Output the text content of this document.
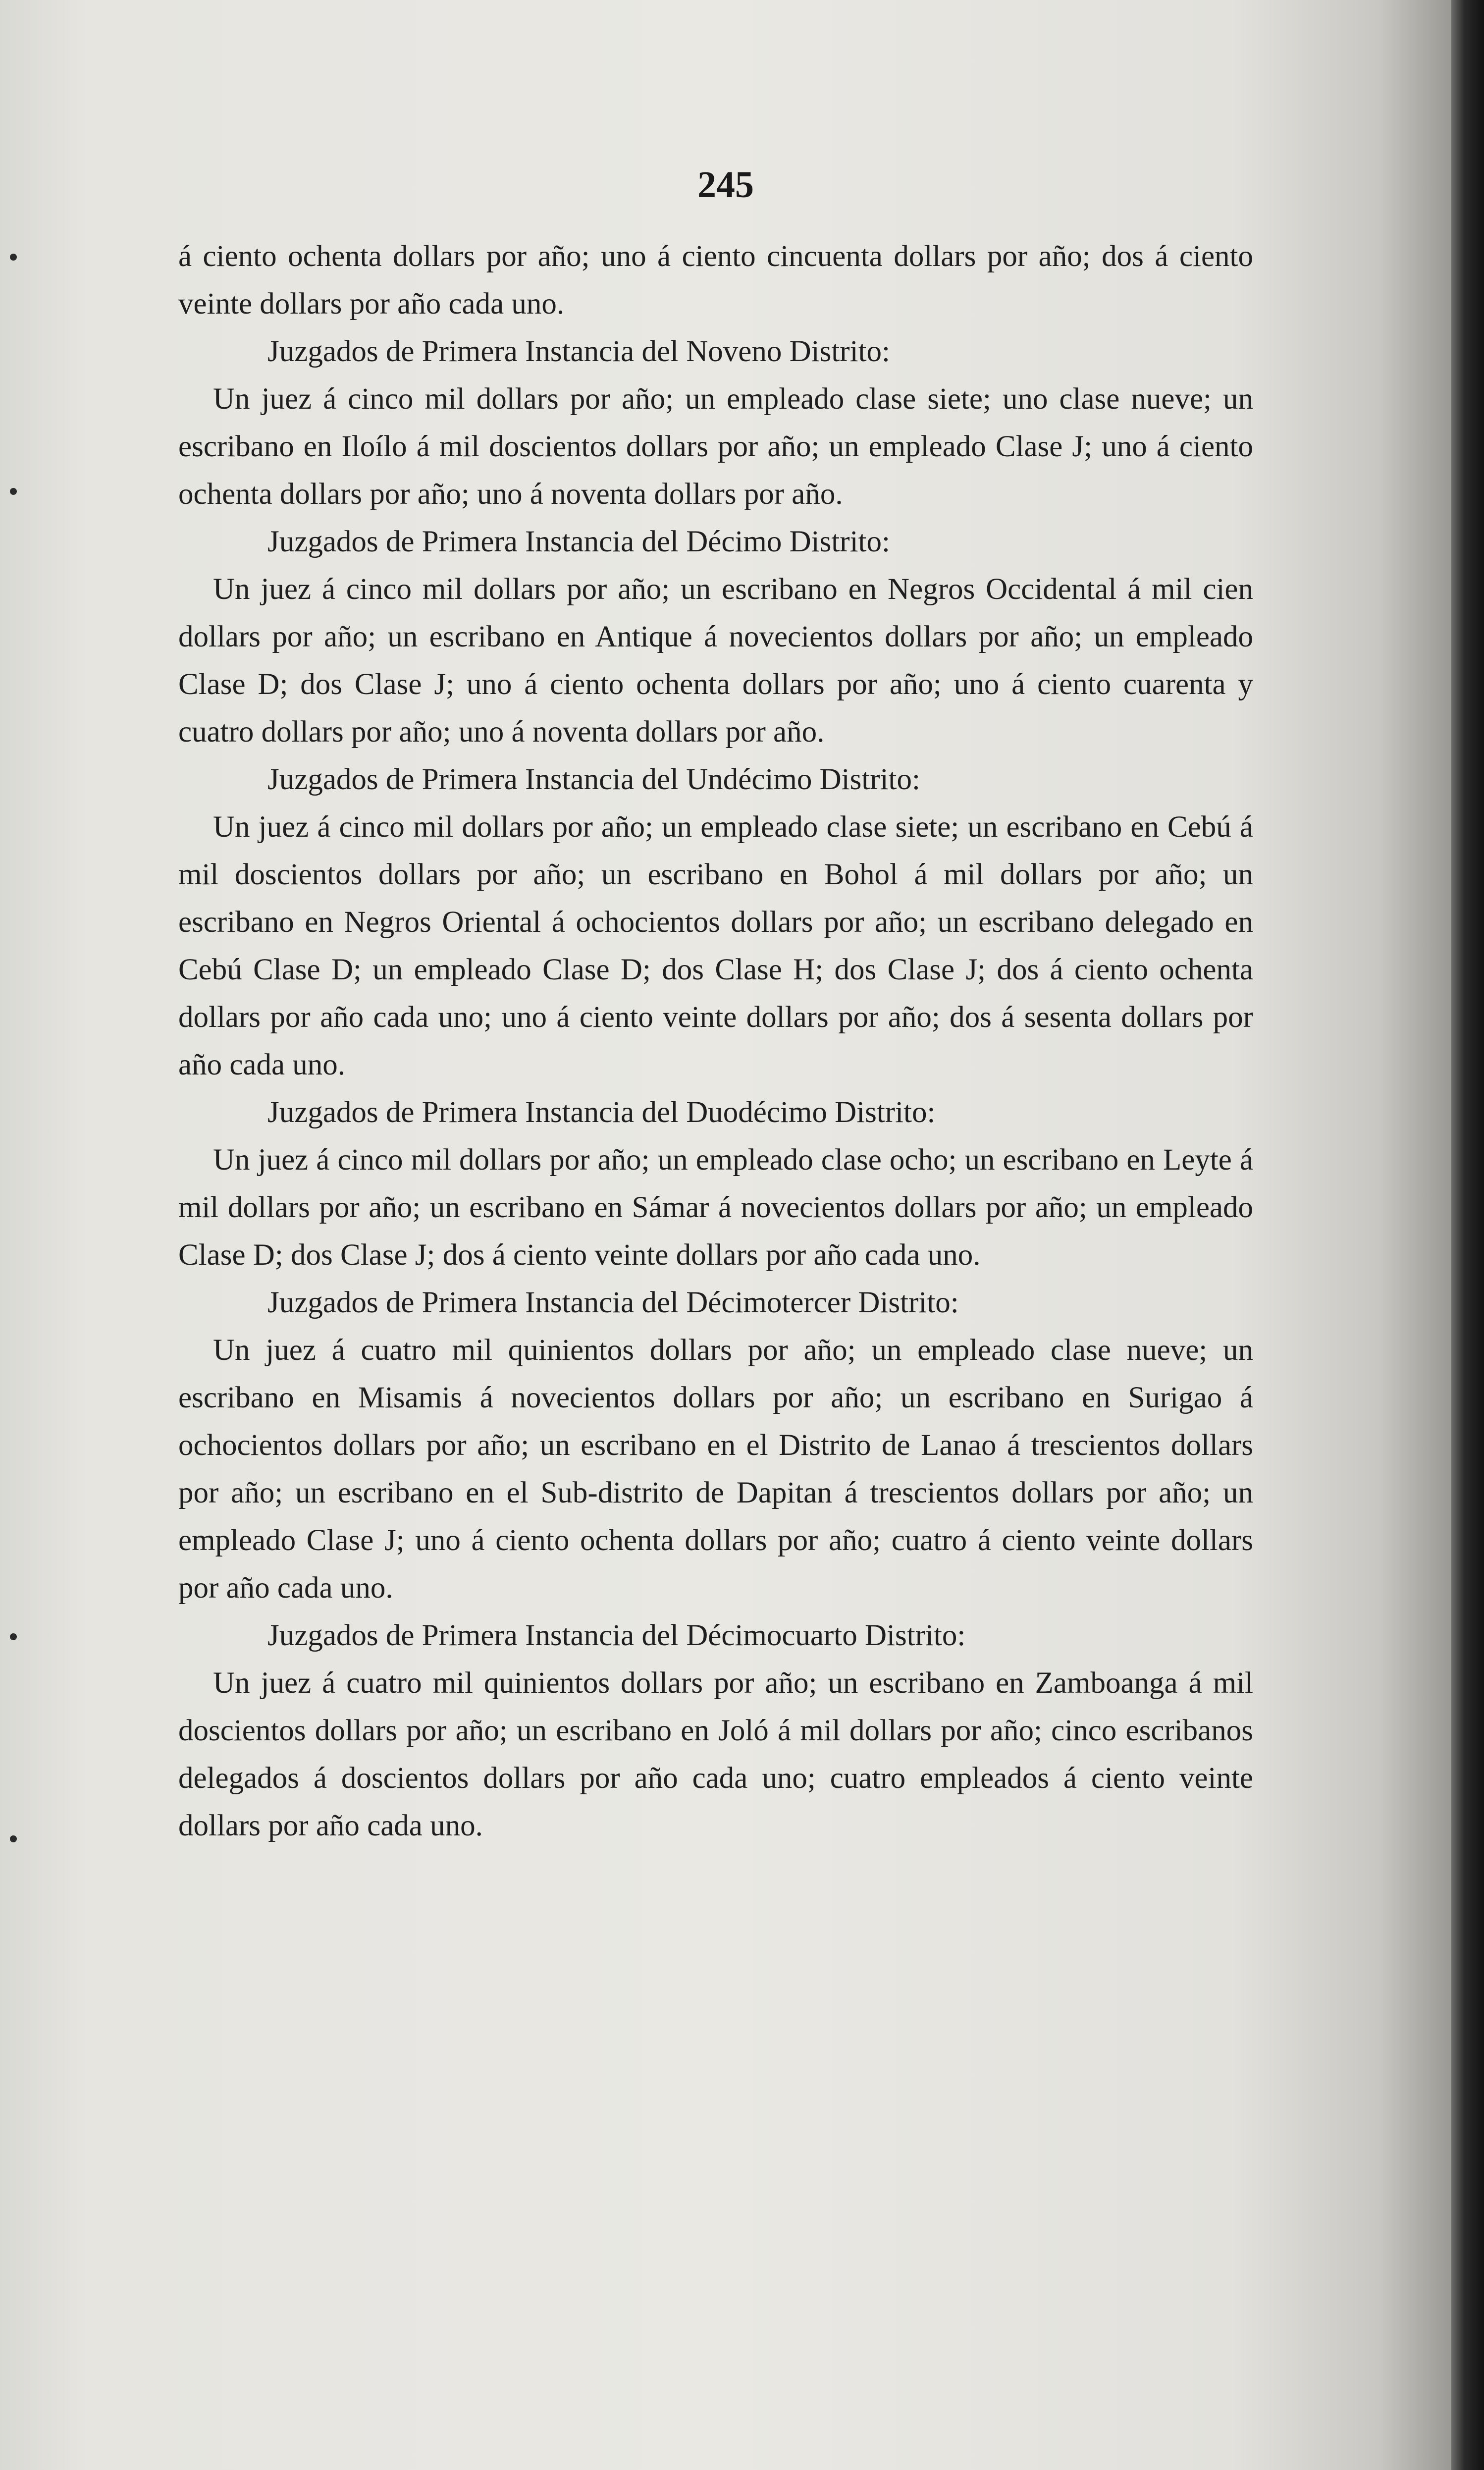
245

á ciento ochenta dollars por año; uno á ciento cincuenta dollars por año; dos á ciento veinte dollars por año cada uno.

Juzgados de Primera Instancia del Noveno Distrito:

Un juez á cinco mil dollars por año; un empleado clase siete; uno clase nueve; un escribano en Iloílo á mil doscientos dollars por año; un empleado Clase J; uno á ciento ochenta dollars por año; uno á noventa dollars por año.

Juzgados de Primera Instancia del Décimo Distrito:

Un juez á cinco mil dollars por año; un escribano en Negros Occidental á mil cien dollars por año; un escribano en Antique á novecientos dollars por año; un empleado Clase D; dos Clase J; uno á ciento ochenta dollars por año; uno á ciento cuarenta y cuatro dollars por año; uno á noventa dollars por año.

Juzgados de Primera Instancia del Undécimo Distrito:

Un juez á cinco mil dollars por año; un empleado clase siete; un escribano en Cebú á mil doscientos dollars por año; un escribano en Bohol á mil dollars por año; un escribano en Negros Oriental á ochocientos dollars por año; un escribano delegado en Cebú Clase D; un empleado Clase D; dos Clase H; dos Clase J; dos á ciento ochenta dollars por año cada uno; uno á ciento veinte dollars por año; dos á sesenta dollars por año cada uno.

Juzgados de Primera Instancia del Duodécimo Distrito:

Un juez á cinco mil dollars por año; un empleado clase ocho; un escribano en Leyte á mil dollars por año; un escribano en Sámar á novecientos dollars por año; un empleado Clase D; dos Clase J; dos á ciento veinte dollars por año cada uno.

Juzgados de Primera Instancia del Décimotercer Distrito:

Un juez á cuatro mil quinientos dollars por año; un empleado clase nueve; un escribano en Misamis á novecientos dollars por año; un escribano en Surigao á ochocientos dollars por año; un escribano en el Distrito de Lanao á trescientos dollars por año; un escribano en el Sub-distrito de Dapitan á trescientos dollars por año; un empleado Clase J; uno á ciento ochenta dollars por año; cuatro á ciento veinte dollars por año cada uno.

Juzgados de Primera Instancia del Décimocuarto Distrito:

Un juez á cuatro mil quinientos dollars por año; un escribano en Zamboanga á mil doscientos dollars por año; un escribano en Joló á mil dollars por año; cinco escribanos delegados á doscientos dollars por año cada uno; cuatro empleados á ciento veinte dollars por año cada uno.
